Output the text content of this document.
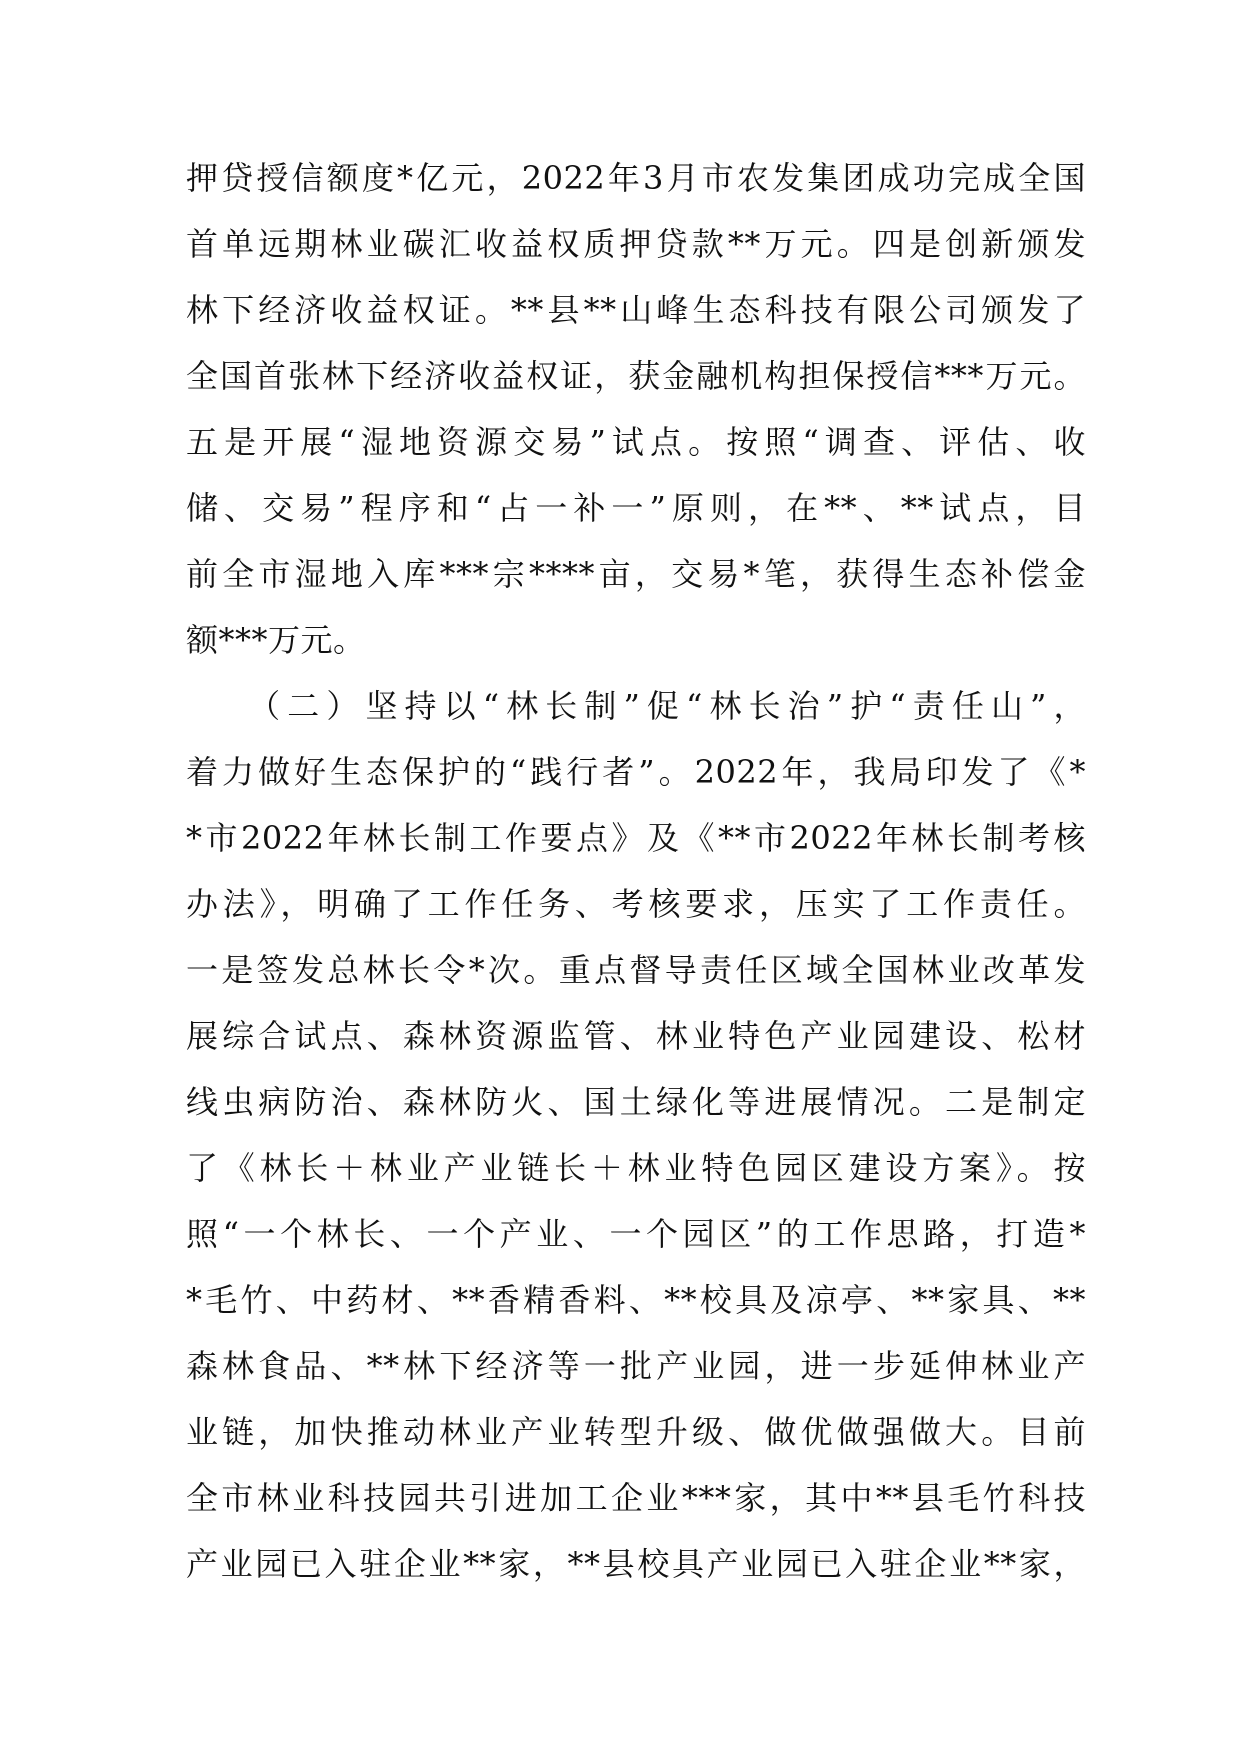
押贷授信额度*亿元，2022年3月市农发集团成功完成全国
首单远期林业碳汇收益权质押贷款**万元。四是创新颁发
林下经济收益权证。**县**山峰生态科技有限公司颁发了
全国首张林下经济收益权证，获金融机构担保授信***万元。
五是开展“湿地资源交易”试点。按照“调查、评估、收
储、交易”程序和“占一补一”原则，在**、**试点，目
前全市湿地入库***宗****亩，交易*笔，获得生态补偿金
额***万元。
　　（二）坚持以“林长制”促“林长治”护“责任山”，
着力做好生态保护的“践行者”。2022年，我局印发了《*
*市2022年林长制工作要点》及《**市2022年林长制考核
办法》，明确了工作任务、考核要求，压实了工作责任。
一是签发总林长令*次。重点督导责任区域全国林业改革发
展综合试点、森林资源监管、林业特色产业园建设、松材
线虫病防治、森林防火、国土绿化等进展情况。二是制定
了《林长＋林业产业链长＋林业特色园区建设方案》。按
照“一个林长、一个产业、一个园区”的工作思路，打造*
*毛竹、中药材、**香精香料、**校具及凉亭、**家具、**
森林食品、**林下经济等一批产业园，进一步延伸林业产
业链，加快推动林业产业转型升级、做优做强做大。目前
全市林业科技园共引进加工企业***家，其中**县毛竹科技
产业园已入驻企业**家，**县校具产业园已入驻企业**家，
